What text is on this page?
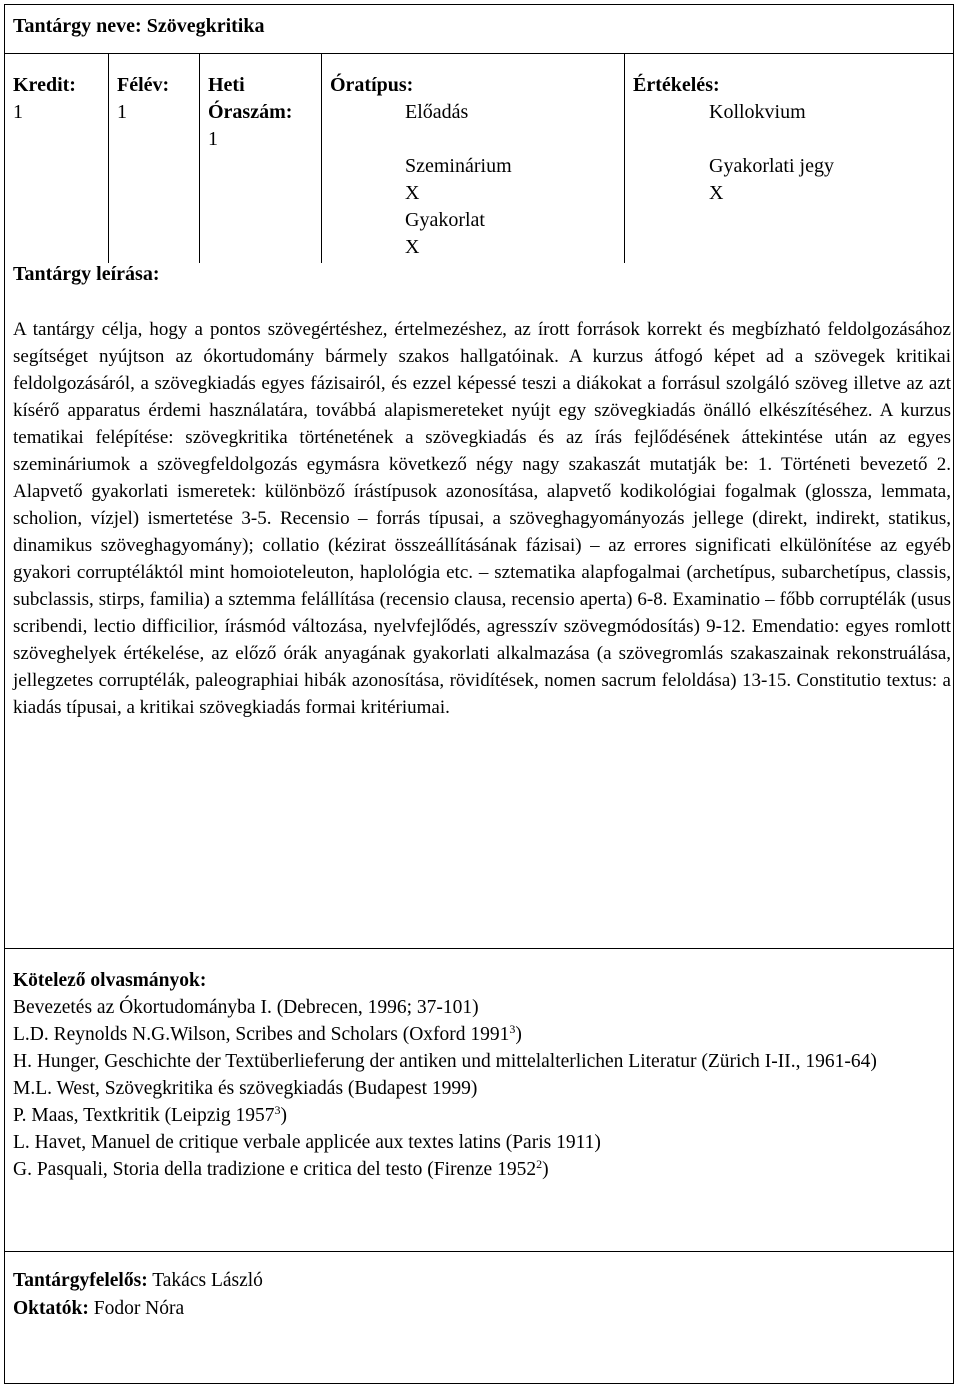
Tantárgy neve: Szövegkritika
Kredit:
1
Félév:
1
Heti
Óraszám:
1
Óratípus:
Előadás
Szeminárium
X
Gyakorlat
X
Értékelés:
Kollokvium
Gyakorlati jegy
X
Tantárgy leírása:
A tantárgy célja, hogy a pontos szövegértéshez, értelmezéshez, az írott források korrekt és megbízható feldolgozásához segítséget nyújtson az ókortudomány bármely szakos hallgatóinak. A kurzus átfogó képet ad a szövegek kritikai feldolgozásáról, a szövegkiadás egyes fázisairól, és ezzel képessé teszi a diákokat a forrásul szolgáló szöveg illetve az azt kísérő apparatus érdemi használatára, továbbá alapismereteket nyújt egy szövegkiadás önálló elkészítéséhez. A kurzus tematikai felépítése: szövegkritika történetének a szövegkiadás és az írás fejlődésének áttekintése után az egyes szemináriumok a szövegfeldolgozás egymásra következő négy nagy szakaszát mutatják be: 1. Történeti bevezető 2. Alapvető gyakorlati ismeretek: különböző írástípusok azonosítása, alapvető kodikológiai fogalmak (glossza, lemmata, scholion, vízjel) ismertetése 3-5. Recensio – forrás típusai, a szöveghagyományozás jellege (direkt, indirekt, statikus, dinamikus szöveghagyomány); collatio (kézirat összeállításának fázisai) – az errores significati elkülönítése az egyéb gyakori corruptéláktól mint homoioteleuton, haplológia etc. – sztematika alapfogalmai (archetípus, subarchetípus, classis, subclassis, stirps, familia) a sztemma felállítása (recensio clausa, recensio aperta) 6-8. Examinatio – főbb corruptélák (usus scribendi, lectio difficilior, írásmód változása, nyelvfejlődés, agresszív szövegmódosítás) 9-12. Emendatio: egyes romlott szöveghelyek értékelése, az előző órák anyagának gyakorlati alkalmazása (a szövegromlás szakaszainak rekonstruálása, jellegzetes corruptélák, paleographiai hibák azonosítása, rövidítések, nomen sacrum feloldása) 13-15. Constitutio textus: a kiadás típusai, a kritikai szövegkiadás formai kritériumai.
Kötelező olvasmányok:
Bevezetés az Ókortudományba I. (Debrecen, 1996; 37-101)
L.D. Reynolds N.G.Wilson, Scribes and Scholars (Oxford 1991$^3$)
H. Hunger, Geschichte der Textüberlieferung der antiken und mittelalterlichen Literatur (Zürich I-II., 1961-64)
M.L. West, Szövegkritika és szövegkiadás (Budapest 1999)
P. Maas, Textkritik (Leipzig 1957$^3$)
L. Havet, Manuel de critique verbale applicée aux textes latins (Paris 1911)
G. Pasquali, Storia della tradizione e critica del testo (Firenze 1952$^2$)
Tantárgyfelelős: Takács László
Oktatók: Fodor Nóra
